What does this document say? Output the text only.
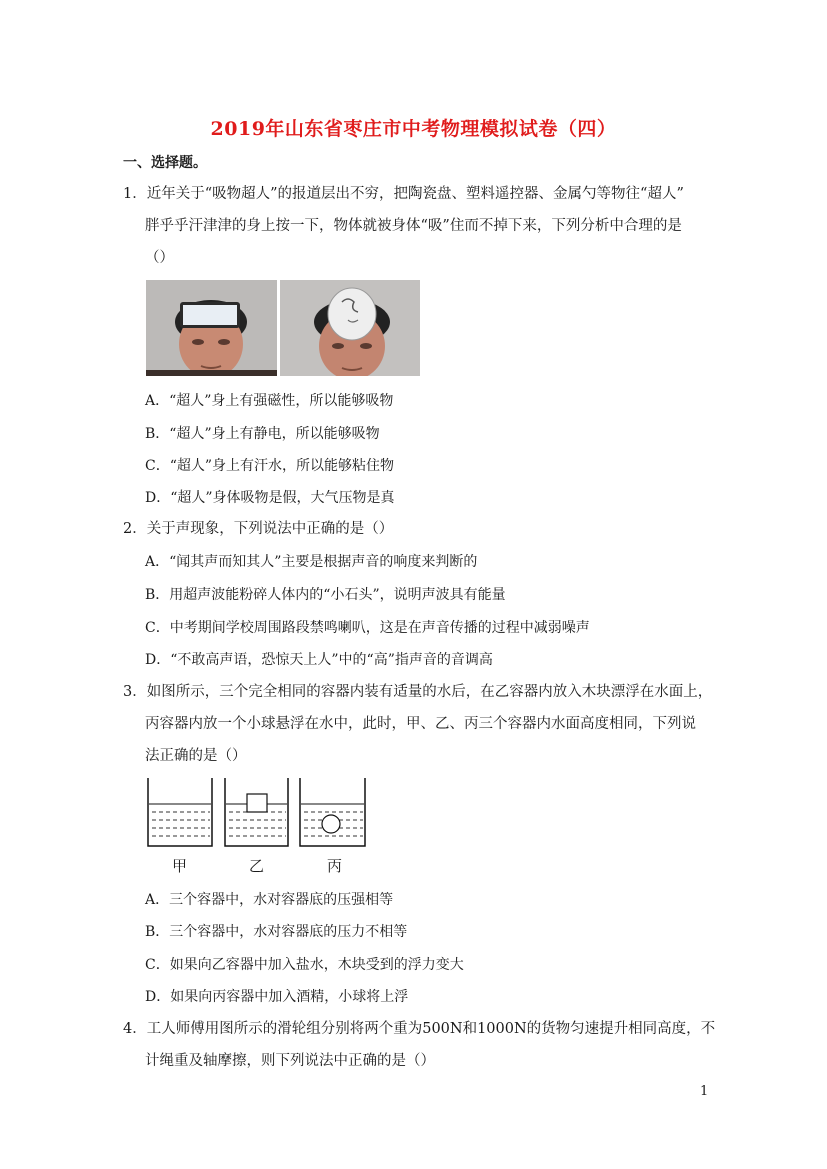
2019年山东省枣庄市中考物理模拟试卷（四）
一、选择题。
1．近年关于“吸物超人”的报道层出不穷，把陶瓷盘、塑料遥控器、金属勺等物往“超人”
胖乎乎汗津津的身上按一下，物体就被身体“吸”住而不掉下来，下列分析中合理的是
（）
A．“超人”身上有强磁性，所以能够吸物
B．“超人”身上有静电，所以能够吸物
C．“超人”身上有汗水，所以能够粘住物
D．“超人”身体吸物是假，大气压物是真
2．关于声现象，下列说法中正确的是（）
A．“闻其声而知其人”主要是根据声音的响度来判断的
B．用超声波能粉碎人体内的“小石头”，说明声波具有能量
C．中考期间学校周围路段禁鸣喇叭，这是在声音传播的过程中减弱噪声
D．“不敢高声语，恐惊天上人”中的“高”指声音的音调高
3．如图所示，三个完全相同的容器内装有适量的水后，在乙容器内放入木块漂浮在水面上，
丙容器内放一个小球悬浮在水中，此时，甲、乙、丙三个容器内水面高度相同，下列说
法正确的是（）
甲	乙	丙
A．三个容器中，水对容器底的压强相等
B．三个容器中，水对容器底的压力不相等
C．如果向乙容器中加入盐水，木块受到的浮力变大
D．如果向丙容器中加入酒精，小球将上浮
4．工人师傅用图所示的滑轮组分别将两个重为500N和1000N的货物匀速提升相同高度，不
计绳重及轴摩擦，则下列说法中正确的是（）
1
